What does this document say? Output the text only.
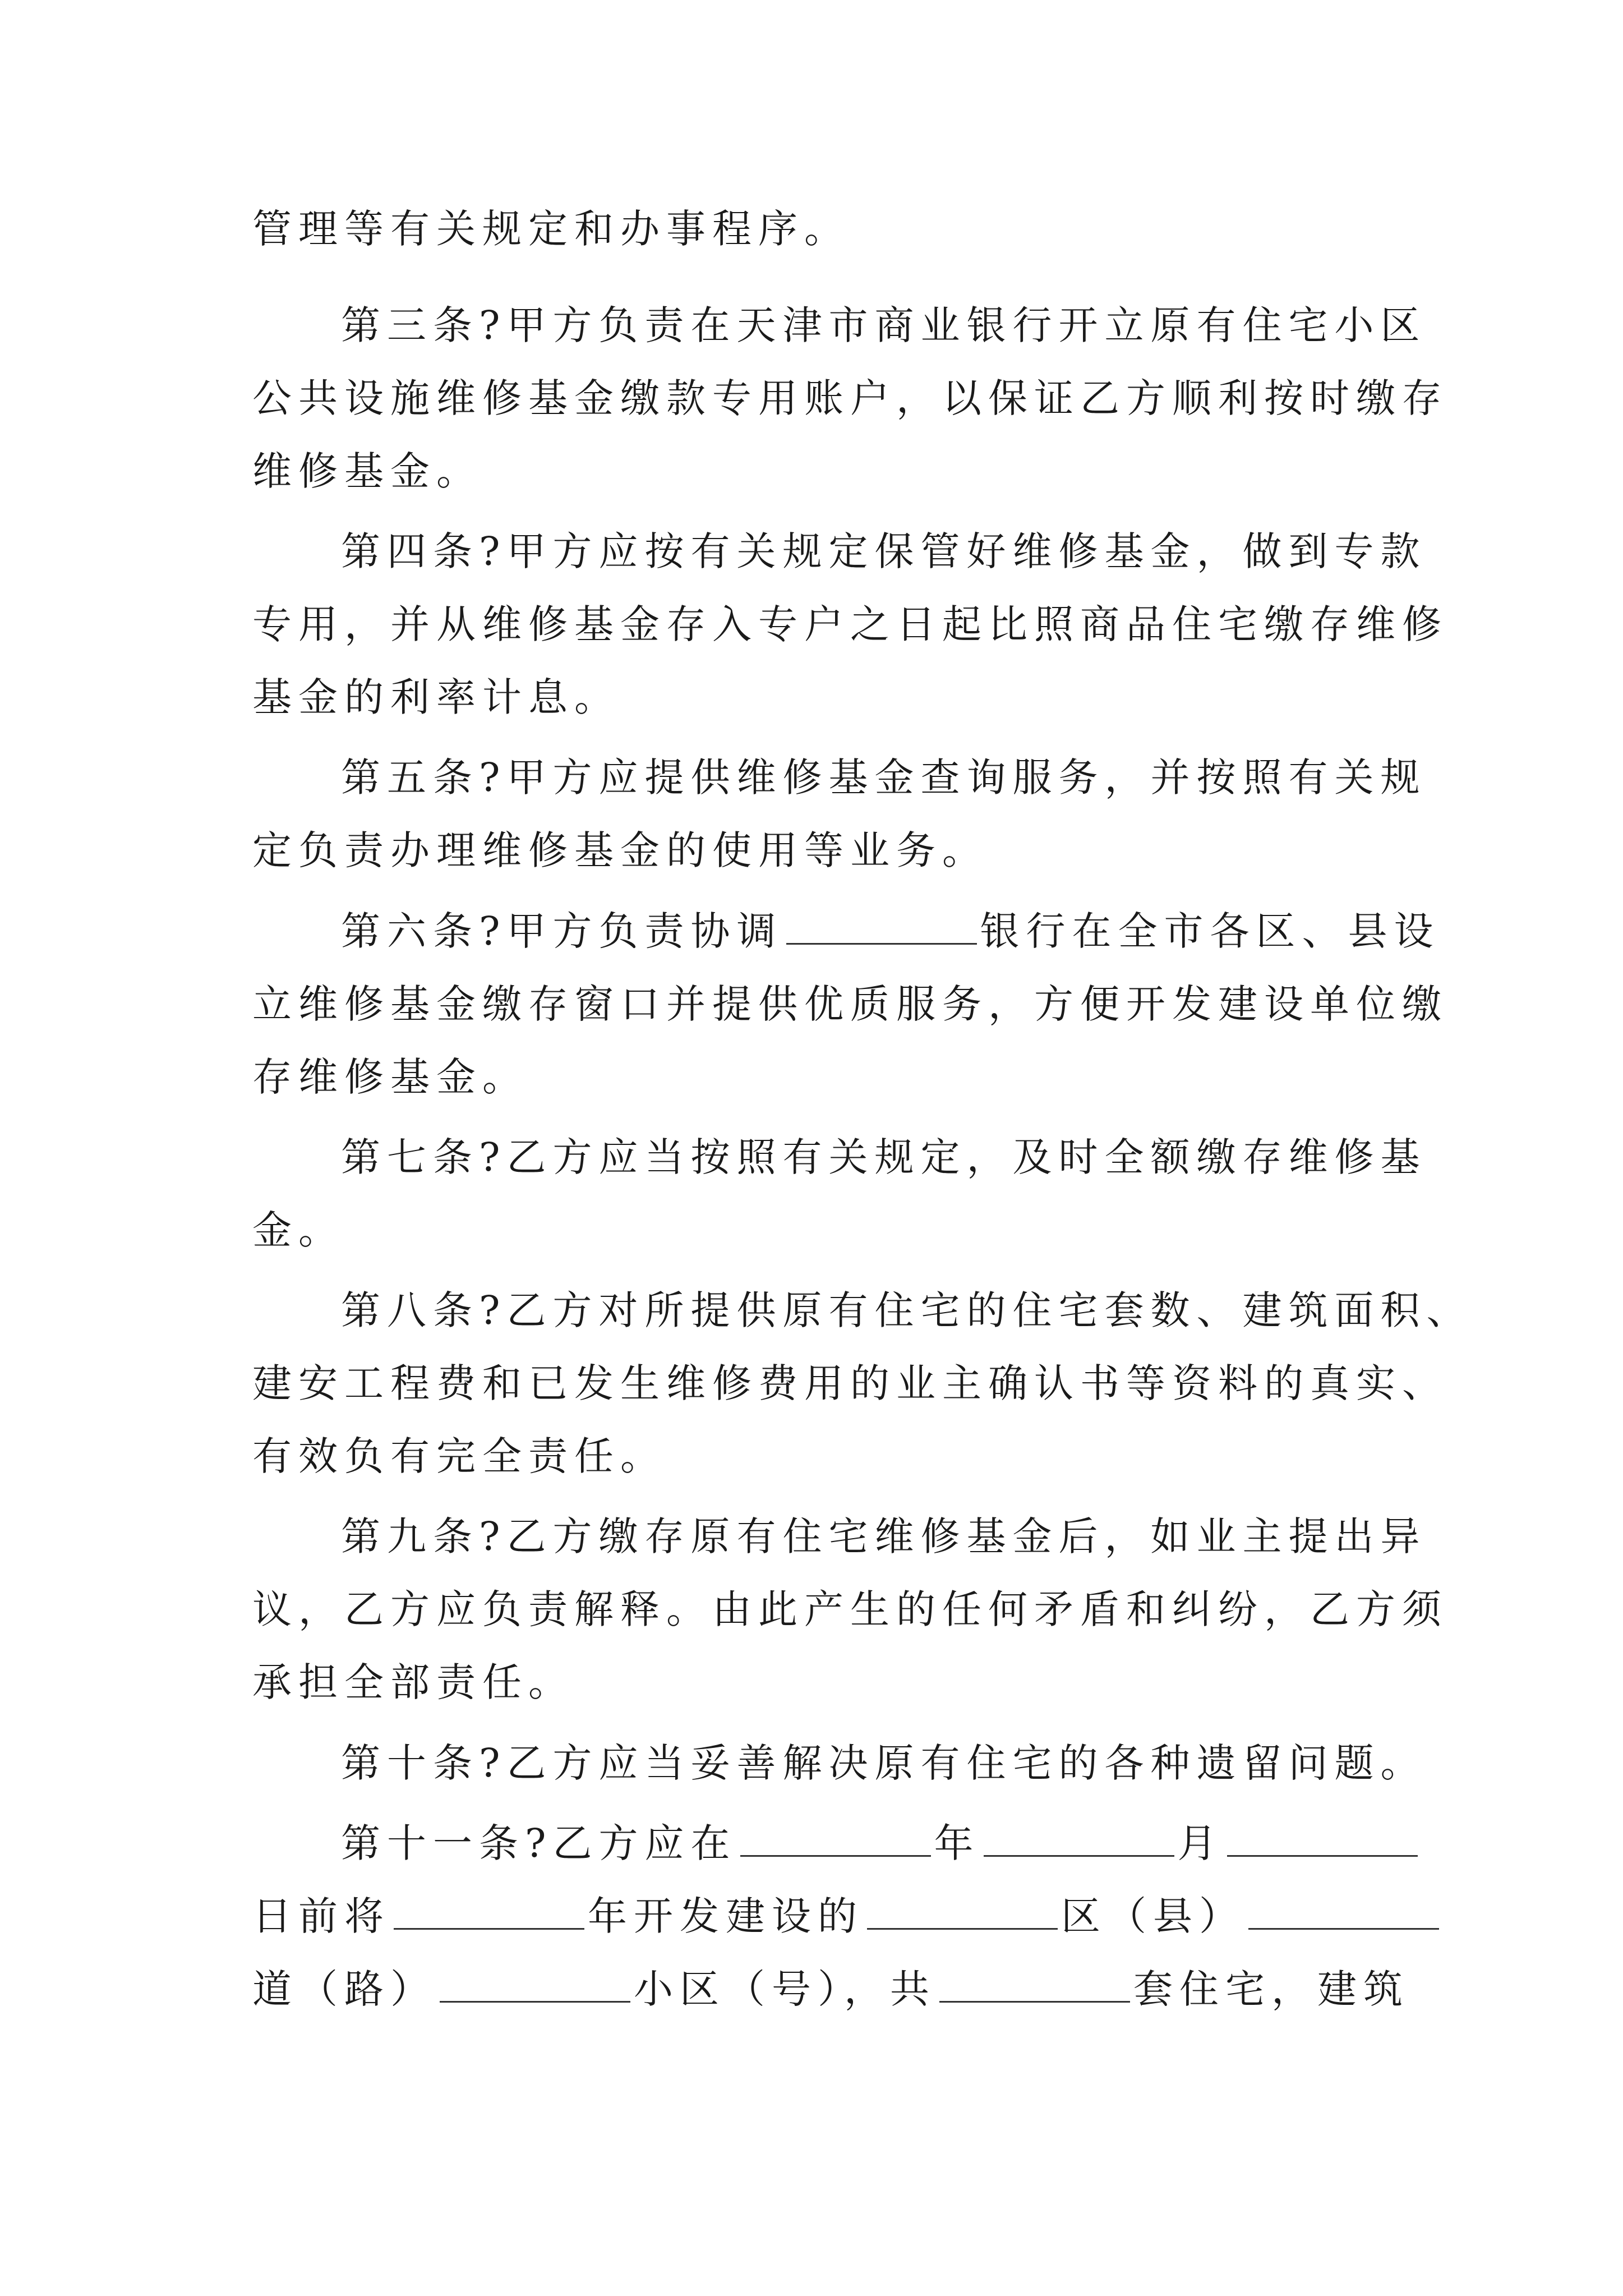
管理等有关规定和办事程序。
第三条?甲方负责在天津市商业银行开立原有住宅小区
公共设施维修基金缴款专用账户，以保证乙方顺利按时缴存
维修基金。
第四条?甲方应按有关规定保管好维修基金，做到专款
专用，并从维修基金存入专户之日起比照商品住宅缴存维修
基金的利率计息。
第五条?甲方应提供维修基金查询服务，并按照有关规
定负责办理维修基金的使用等业务。
第六条?甲方负责协调	银行在全市各区、县设
立维修基金缴存窗口并提供优质服务，方便开发建设单位缴
存维修基金。
第七条?乙方应当按照有关规定，及时全额缴存维修基
金。
第八条?乙方对所提供原有住宅的住宅套数、建筑面积、
建安工程费和已发生维修费用的业主确认书等资料的真实、
有效负有完全责任。
第九条?乙方缴存原有住宅维修基金后，如业主提出异
议，乙方应负责解释。由此产生的任何矛盾和纠纷，乙方须
承担全部责任。
第十条?乙方应当妥善解决原有住宅的各种遗留问题。
第十一条?乙方应在	年	月
日前将	年开发建设的	区（县）
道（路）	小区（号），共	套住宅，建筑
